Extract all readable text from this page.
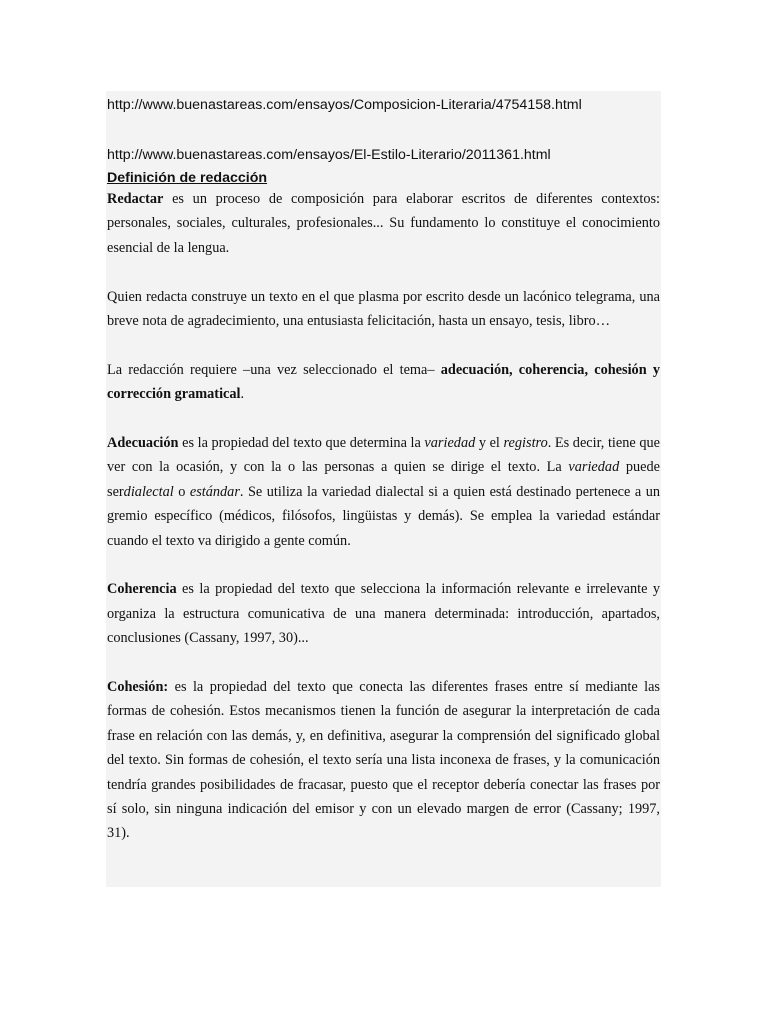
http://www.buenastareas.com/ensayos/Composicion-Literaria/4754158.html
http://www.buenastareas.com/ensayos/El-Estilo-Literario/2011361.html
Definición de redacción

Redactar es un proceso de composición para elaborar escritos de diferentes contextos: personales, sociales, culturales, profesionales... Su fundamento lo constituye el conocimiento esencial de la lengua.

Quien redacta construye un texto en el que plasma por escrito desde un lacónico telegrama, una breve nota de agradecimiento, una entusiasta felicitación, hasta un ensayo, tesis, libro…

La redacción requiere –una vez seleccionado el tema– adecuación, coherencia, cohesión y corrección gramatical.

Adecuación es la propiedad del texto que determina la variedad y el registro. Es decir, tiene que ver con la ocasión, y con la o las personas a quien se dirige el texto. La variedad puede serdialectal o estándar. Se utiliza la variedad dialectal si a quien está destinado pertenece a un gremio específico (médicos, filósofos, lingüistas y demás). Se emplea la variedad estándar cuando el texto va dirigido a gente común.

Coherencia es la propiedad del texto que selecciona la información relevante e irrelevante y organiza la estructura comunicativa de una manera determinada: introducción, apartados, conclusiones (Cassany, 1997, 30)...

Cohesión: es la propiedad del texto que conecta las diferentes frases entre sí mediante las formas de cohesión. Estos mecanismos tienen la función de asegurar la interpretación de cada frase en relación con las demás, y, en definitiva, asegurar la comprensión del significado global del texto. Sin formas de cohesión, el texto sería una lista inconexa de frases, y la comunicación tendría grandes posibilidades de fracasar, puesto que el receptor debería conectar las frases por sí solo, sin ninguna indicación del emisor y con un elevado margen de error (Cassany; 1997, 31).
